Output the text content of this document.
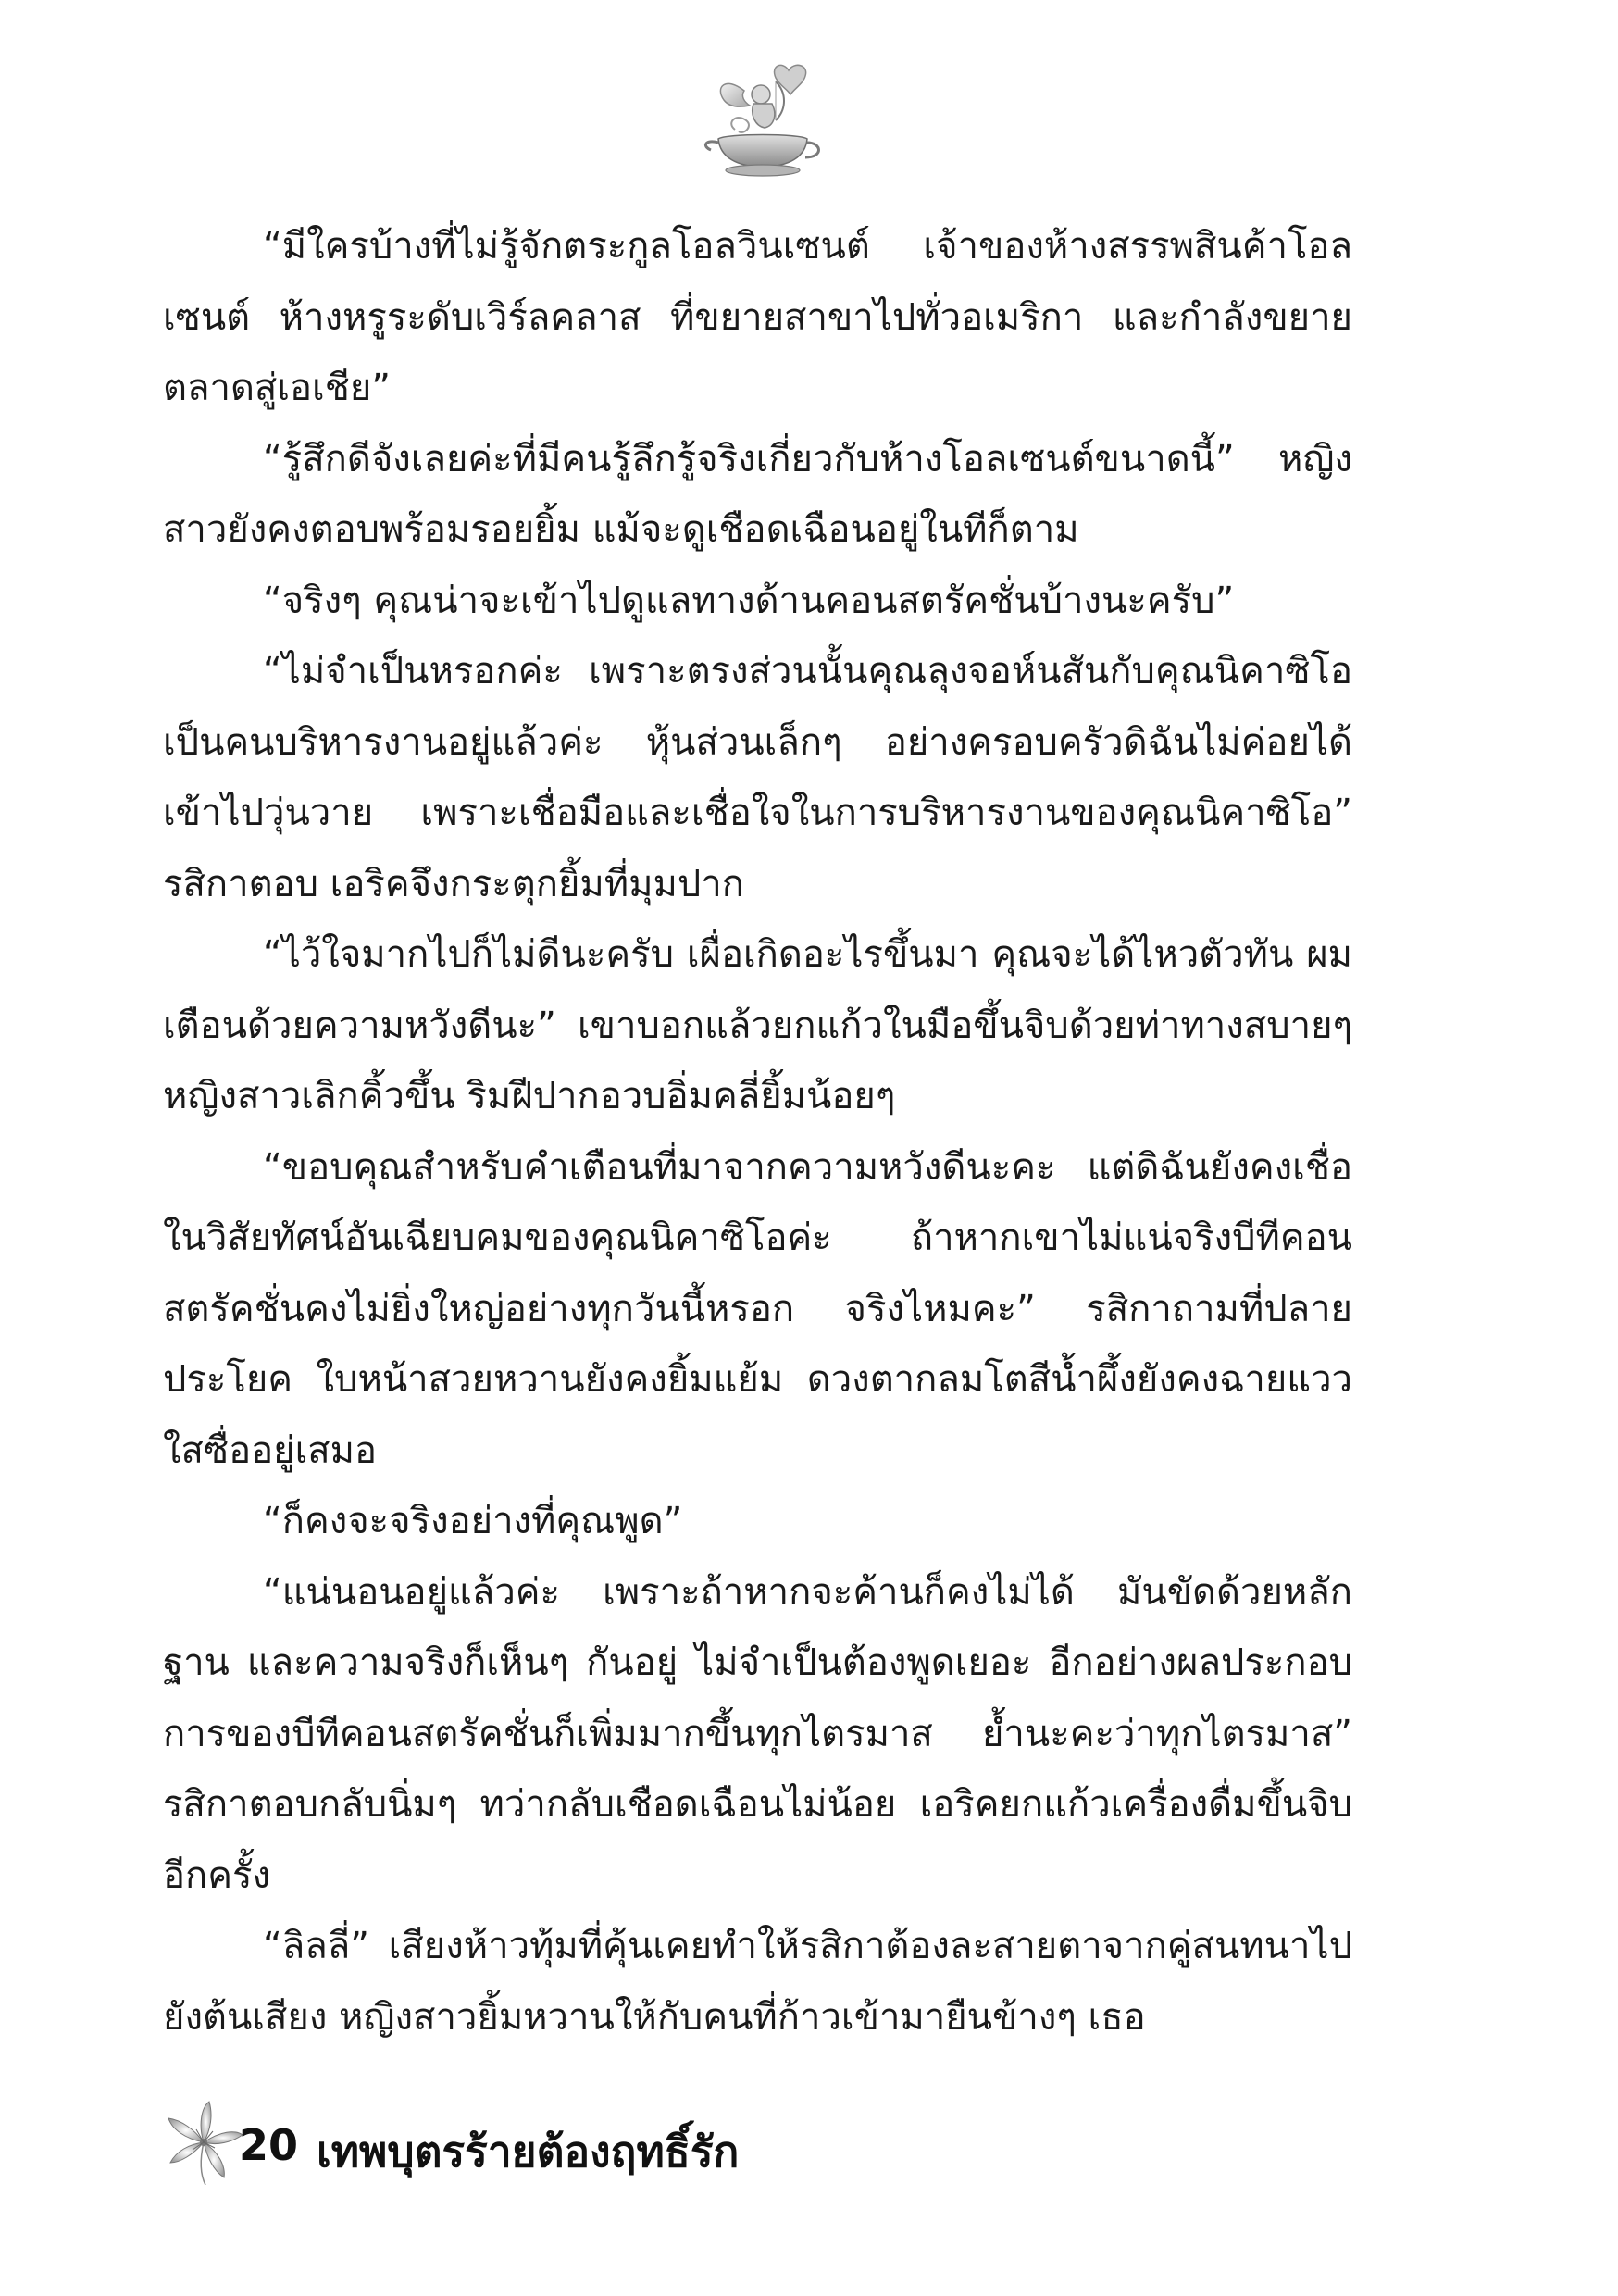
“มีใครบ้างที่ไม่รู้จักตระกูลโอลวินเซนต์ เจ้าของห้างสรรพสินค้าโอลเซนต์ ห้างหรูระดับเวิร์ลคลาส ที่ขยายสาขาไปทั่วอเมริกา และกำลังขยายตลาดสู่เอเชีย”

“รู้สึกดีจังเลยค่ะที่มีคนรู้ลึกรู้จริงเกี่ยวกับห้างโอลเซนต์ขนาดนี้” หญิงสาวยังคงตอบพร้อมรอยยิ้ม แม้จะดูเชือดเฉือนอยู่ในทีก็ตาม

“จริงๆ คุณน่าจะเข้าไปดูแลทางด้านคอนสตรัคชั่นบ้างนะครับ”

“ไม่จำเป็นหรอกค่ะ เพราะตรงส่วนนั้นคุณลุงจอห์นสันกับคุณนิคาซิโอเป็นคนบริหารงานอยู่แล้วค่ะ หุ้นส่วนเล็กๆ อย่างครอบครัวดิฉันไม่ค่อยได้เข้าไปวุ่นวาย เพราะเชื่อมือและเชื่อใจในการบริหารงานของคุณนิคาซิโอ” รสิกาตอบ เอริคจึงกระตุกยิ้มที่มุมปาก

“ไว้ใจมากไปก็ไม่ดีนะครับ เผื่อเกิดอะไรขึ้นมา คุณจะได้ไหวตัวทัน ผมเตือนด้วยความหวังดีนะ” เขาบอกแล้วยกแก้วในมือขึ้นจิบด้วยท่าทางสบายๆ หญิงสาวเลิกคิ้วขึ้น ริมฝีปากอวบอิ่มคลี่ยิ้มน้อยๆ

“ขอบคุณสำหรับคำเตือนที่มาจากความหวังดีนะคะ แต่ดิฉันยังคงเชื่อในวิสัยทัศน์อันเฉียบคมของคุณนิคาซิโอค่ะ ถ้าหากเขาไม่แน่จริงบีทีคอนสตรัคชั่นคงไม่ยิ่งใหญ่อย่างทุกวันนี้หรอก จริงไหมคะ” รสิกาถามที่ปลายประโยค ใบหน้าสวยหวานยังคงยิ้มแย้ม ดวงตากลมโตสีน้ำผึ้งยังคงฉายแววใสซื่ออยู่เสมอ

“ก็คงจะจริงอย่างที่คุณพูด”

“แน่นอนอยู่แล้วค่ะ เพราะถ้าหากจะค้านก็คงไม่ได้ มันขัดด้วยหลักฐาน และความจริงก็เห็นๆ กันอยู่ ไม่จำเป็นต้องพูดเยอะ อีกอย่างผลประกอบการของบีทีคอนสตรัคชั่นก็เพิ่มมากขึ้นทุกไตรมาส ย้ำนะคะว่าทุกไตรมาส” รสิกาตอบกลับนิ่มๆ ทว่ากลับเชือดเฉือนไม่น้อย เอริคยกแก้วเครื่องดื่มขึ้นจิบอีกครั้ง

“ลิลลี่” เสียงห้าวทุ้มที่คุ้นเคยทำให้รสิกาต้องละสายตาจากคู่สนทนาไปยังต้นเสียง หญิงสาวยิ้มหวานให้กับคนที่ก้าวเข้ามายืนข้างๆ เธอ

20 เทพบุตรร้ายต้องฤทธิ์รัก
